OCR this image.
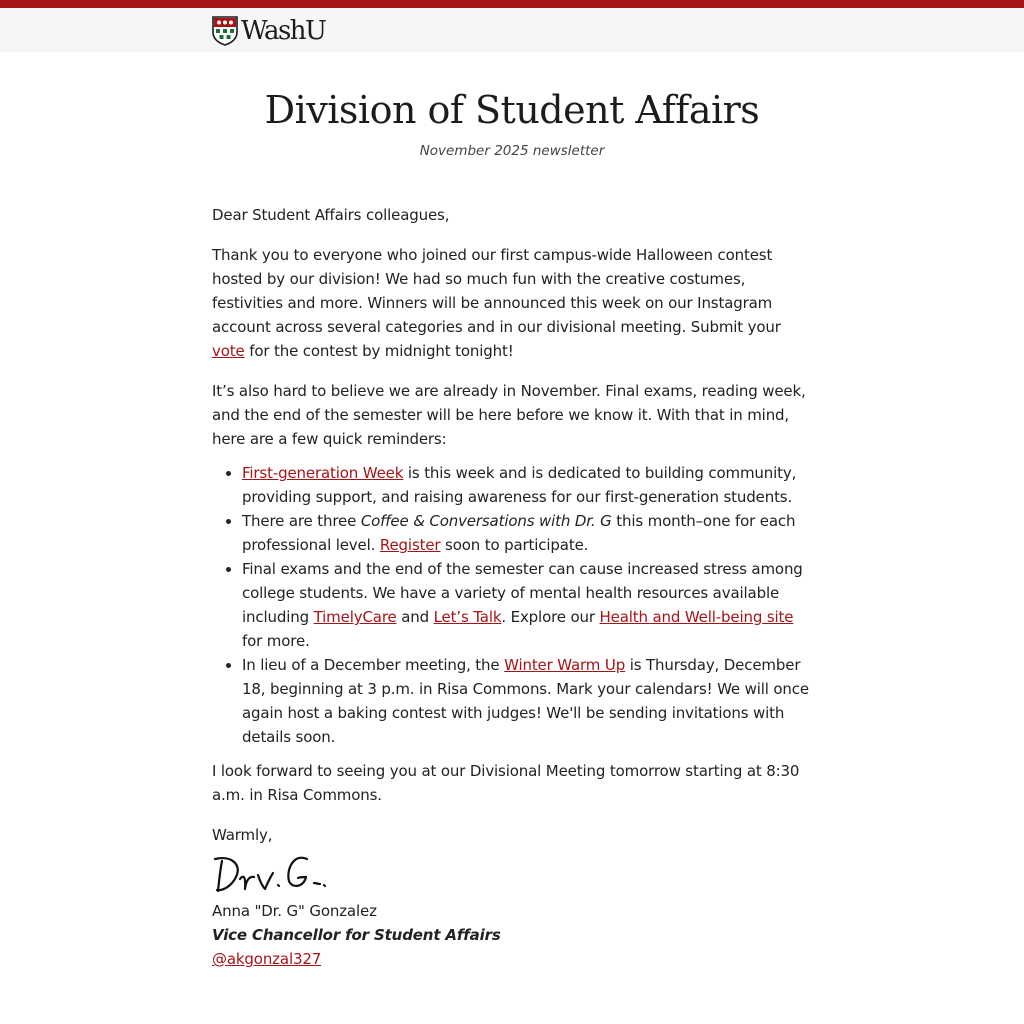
WashU
Division of Student Affairs

November 2025 newsletter

Dear Student Affairs colleagues,

Thank you to everyone who joined our first campus-wide Halloween contest hosted by our division! We had so much fun with the creative costumes, festivities and more. Winners will be announced this week on our Instagram account across several categories and in our divisional meeting. Submit your vote for the contest by midnight tonight!

It’s also hard to believe we are already in November. Final exams, reading week, and the end of the semester will be here before we know it. With that in mind, here are a few quick reminders:

• First-generation Week is this week and is dedicated to building community, providing support, and raising awareness for our first-generation students.
• There are three Coffee & Conversations with Dr. G this month–one for each professional level. Register soon to participate.
• Final exams and the end of the semester can cause increased stress among college students. We have a variety of mental health resources available including TimelyCare and Let’s Talk. Explore our Health and Well-being site for more.
• In lieu of a December meeting, the Winter Warm Up is Thursday, December 18, beginning at 3 p.m. in Risa Commons. Mark your calendars! We will once again host a baking contest with judges! We'll be sending invitations with details soon.

I look forward to seeing you at our Divisional Meeting tomorrow starting at 8:30 a.m. in Risa Commons.

Warmly,

Anna "Dr. G" Gonzalez

Vice Chancellor for Student Affairs

@akgonzal327
